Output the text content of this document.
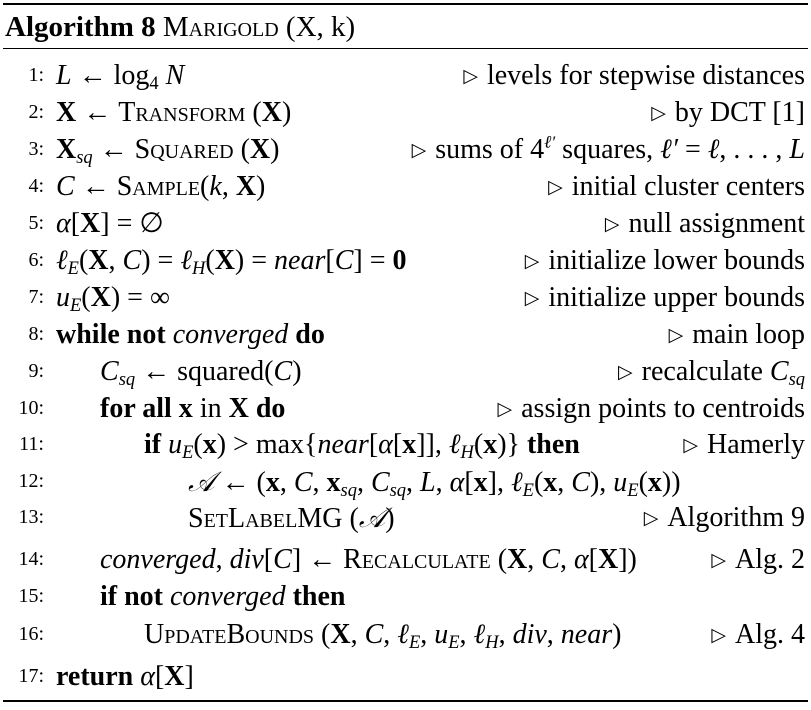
Algorithm 8 Marigold (X, k)
1: L ← $\log_4 N$	▷ levels for stepwise distances
2: X ← Transform (X)	▷ by DCT [1]
3: $X_{sq}$ ← Squared (X)	▷ sums of $4^{\ell'}$ squares, ℓ′ = ℓ, . . . , L
4: C ← Sample(k, X)	▷ initial cluster centers
5: α[X] = ∅	▷ null assignment
6: ℓ$_E$(X, C) = ℓ$_H$(X) = near[C] = 0	▷ initialize lower bounds
7: $u_E(X)$ = ∞	▷ initialize upper bounds
8: while not converged do	▷ main loop
9: $C_{sq}$ ← squared(C)	▷ recalculate $C_{sq}$
10: for all x in X do	▷ assign points to centroids
11:	if $u_E(x)$ > max{near[α[x]], ℓ$_H$(x)} then	▷ Hamerly
12:	𝒜 ← (x, C, $x_{sq}$, $C_{sq}$, L, α[x], ℓ$_E$(x, C), $u_E(x)$)
13:	SetLabelMG (𝒜)	▷ Algorithm 9
14: converged, div[C] ← Recalculate (X, C, α[X])	▷ Alg. 2
15: if not converged then
16:	UpdateBounds (X, C, ℓ$_E$, $u_E$, ℓ$_H$, div, near)	▷ Alg. 4
17: return α[X]
